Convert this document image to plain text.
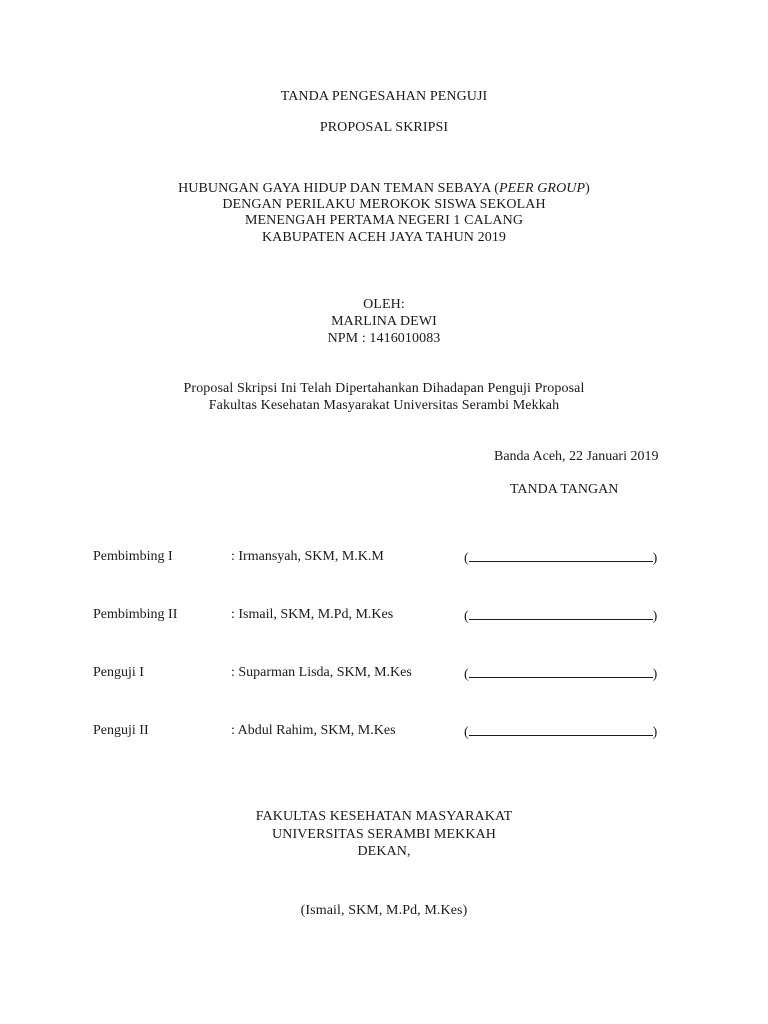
TANDA PENGESAHAN PENGUJI
PROPOSAL SKRIPSI
HUBUNGAN GAYA HIDUP DAN TEMAN SEBAYA (PEER GROUP)
DENGAN PERILAKU MEROKOK SISWA SEKOLAH
MENENGAH PERTAMA NEGERI 1 CALANG
KABUPATEN ACEH JAYA TAHUN 2019
OLEH:
MARLINA DEWI
NPM : 1416010083
Proposal Skripsi Ini Telah Dipertahankan Dihadapan Penguji Proposal
Fakultas Kesehatan Masyarakat Universitas Serambi Mekkah
Banda Aceh, 22 Januari 2019
TANDA TANGAN
Pembimbing I	: Irmansyah, SKM, M.K.M	(	)
Pembimbing II	: Ismail, SKM, M.Pd, M.Kes	(	)
Penguji I	: Suparman Lisda, SKM, M.Kes	(	)
Penguji II	: Abdul Rahim, SKM, M.Kes	(	)
FAKULTAS KESEHATAN MASYARAKAT
UNIVERSITAS SERAMBI MEKKAH
DEKAN,
(Ismail, SKM, M.Pd, M.Kes)
